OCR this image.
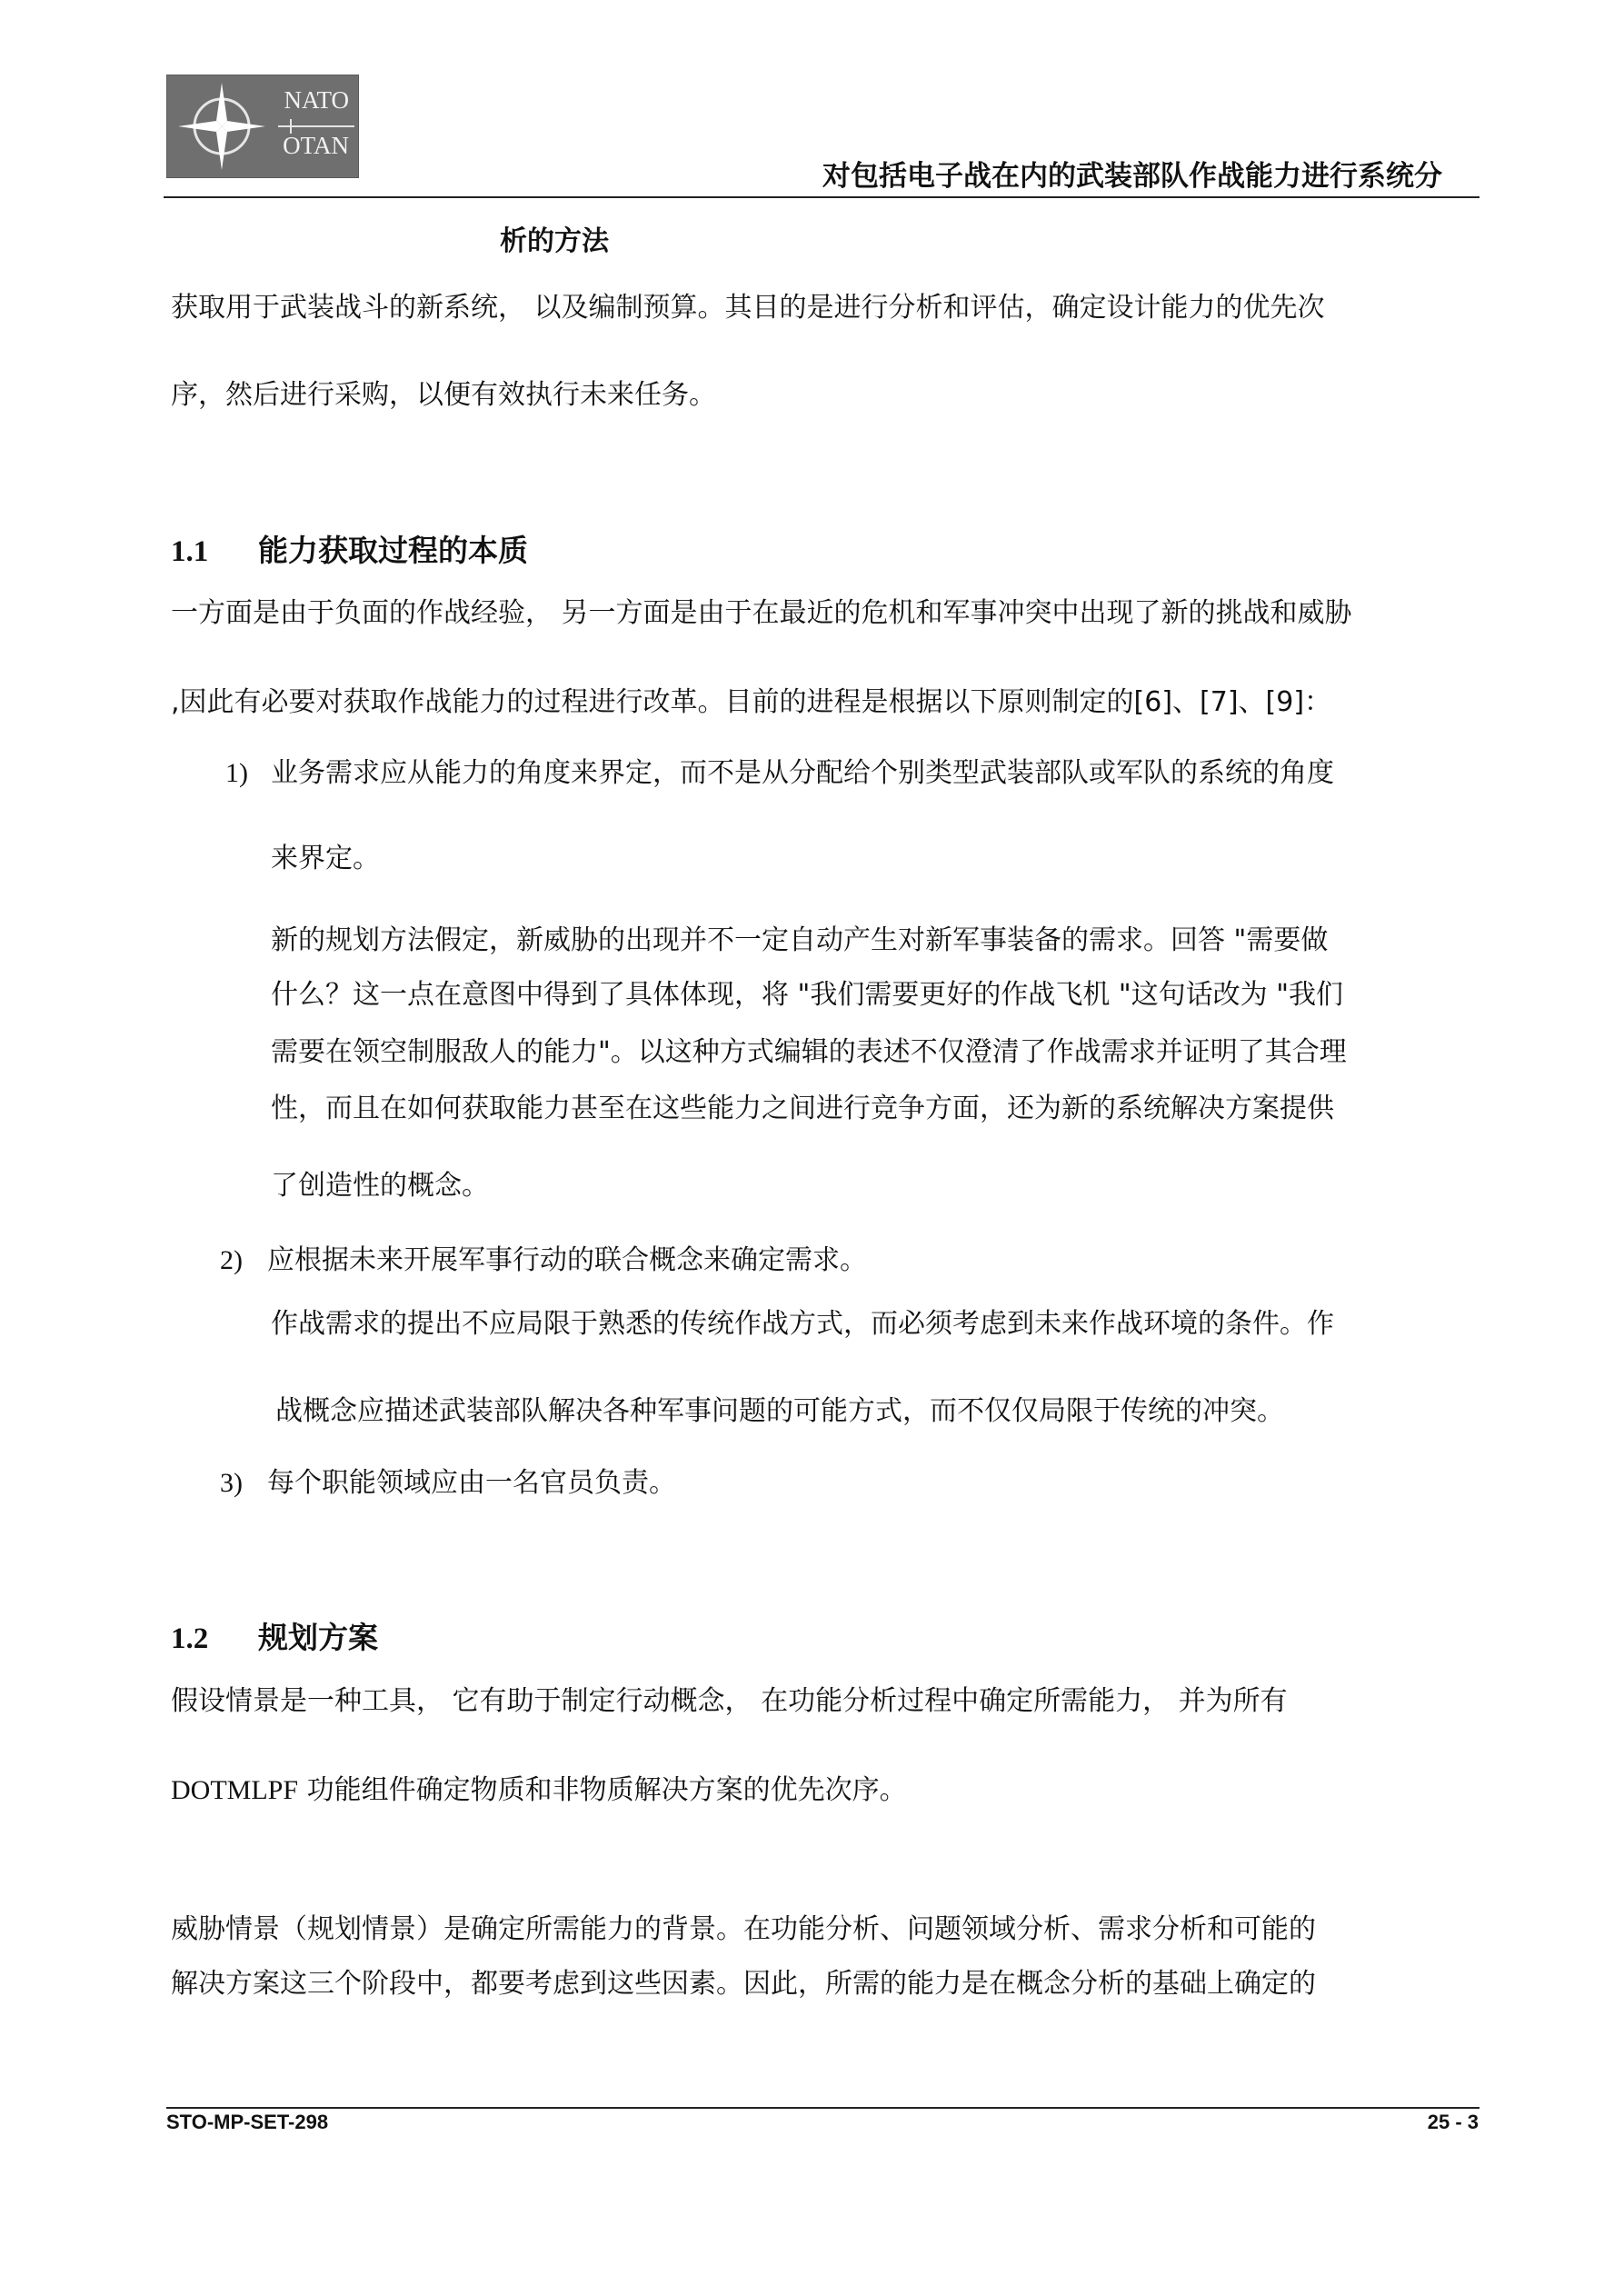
NATO
OTAN
对包括电子战在内的武装部队作战能力进行系统分
析的方法
获取用于武装战斗的新系统， 以及编制预算。其目的是进行分析和评估，确定设计能力的优先次
序，然后进行采购，以便有效执行未来任务。
1.1 能力获取过程的本质
一方面是由于负面的作战经验， 另一方面是由于在最近的危机和军事冲突中出现了新的挑战和威胁
,因此有必要对获取作战能力的过程进行改革。目前的进程是根据以下原则制定的[6]、[7]、[9]：
1) 业务需求应从能力的角度来界定，而不是从分配给个别类型武装部队或军队的系统的角度
来界定。
新的规划方法假定，新威胁的出现并不一定自动产生对新军事装备的需求。回答 "需要做
什么？这一点在意图中得到了具体体现，将 "我们需要更好的作战飞机 "这句话改为 "我们
需要在领空制服敌人的能力"。以这种方式编辑的表述不仅澄清了作战需求并证明了其合理
性，而且在如何获取能力甚至在这些能力之间进行竞争方面，还为新的系统解决方案提供
了创造性的概念。
2) 应根据未来开展军事行动的联合概念来确定需求。
作战需求的提出不应局限于熟悉的传统作战方式，而必须考虑到未来作战环境的条件。作
战概念应描述武装部队解决各种军事问题的可能方式，而不仅仅局限于传统的冲突。
3) 每个职能领域应由一名官员负责。
1.2 规划方案
假设情景是一种工具， 它有助于制定行动概念， 在功能分析过程中确定所需能力， 并为所有
DOTMLPF 功能组件确定物质和非物质解决方案的优先次序。
威胁情景（规划情景）是确定所需能力的背景。在功能分析、问题领域分析、需求分析和可能的
解决方案这三个阶段中，都要考虑到这些因素。因此，所需的能力是在概念分析的基础上确定的
STO-MP-SET-298	25 - 3
